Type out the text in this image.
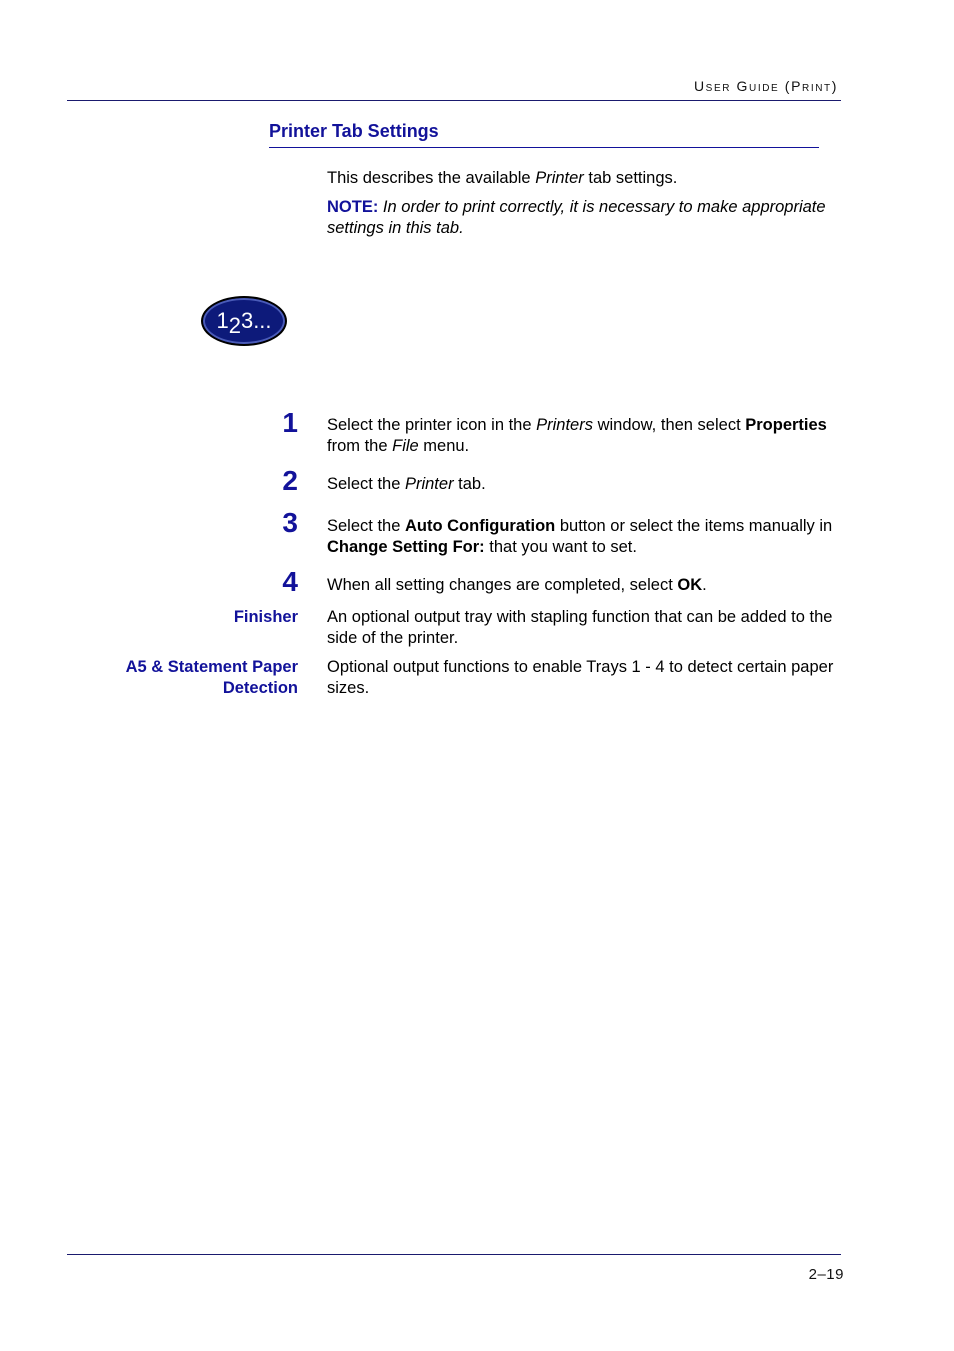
User Guide (Print)
Printer Tab Settings
This describes the available Printer tab settings.
NOTE: In order to print correctly, it is necessary to make appropriate settings in this tab.
1 2 3...
1 Select the printer icon in the Printers window, then select Properties from the File menu.
2 Select the Printer tab.
3 Select the Auto Configuration button or select the items manually in Change Setting For: that you want to set.
4 When all setting changes are completed, select OK.
Finisher An optional output tray with stapling function that can be added to the side of the printer.
A5 & Statement Paper Detection
Optional output functions to enable Trays 1 - 4 to detect certain paper sizes.
2–19
